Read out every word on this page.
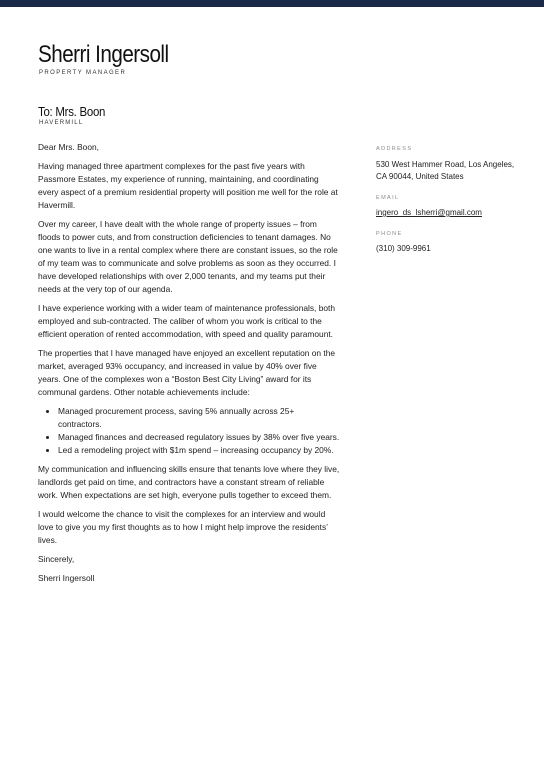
Sherri Ingersoll
PROPERTY MANAGER
To: Mrs. Boon
HAVERMILL

Dear Mrs. Boon,

Having managed three apartment complexes for the past five years with Passmore Estates, my experience of running, maintaining, and coordinating every aspect of a premium residential property will position me well for the role at Havermill.

Over my career, I have dealt with the whole range of property issues – from floods to power cuts, and from construction deficiencies to tenant damages. No one wants to live in a rental complex where there are constant issues, so the role of my team was to communicate and solve problems as soon as they occurred. I have developed relationships with over 2,000 tenants, and my teams put their needs at the very top of our agenda.

I have experience working with a wider team of maintenance professionals, both employed and sub-contracted. The caliber of whom you work is critical to the efficient operation of rented accommodation, with speed and quality paramount.

The properties that I have managed have enjoyed an excellent reputation on the market, averaged 93% occupancy, and increased in value by 40% over five years. One of the complexes won a “Boston Best City Living” award for its communal gardens. Other notable achievements include:

• Managed procurement process, saving 5% annually across 25+ contractors.
• Managed finances and decreased regulatory issues by 38% over five years.
• Led a remodeling project with $1m spend – increasing occupancy by 20%.

My communication and influencing skills ensure that tenants love where they live, landlords get paid on time, and contractors have a constant stream of reliable work. When expectations are set high, everyone pulls together to exceed them.

I would welcome the chance to visit the complexes for an interview and would love to give you my first thoughts as to how I might help improve the residents’ lives.

Sincerely,

Sherri Ingersoll

ADDRESS
530 West Hammer Road, Los Angeles, CA 90044, United States
EMAIL
ingero_ds_lsherri@gmail.com
PHONE
(310) 309-9961
